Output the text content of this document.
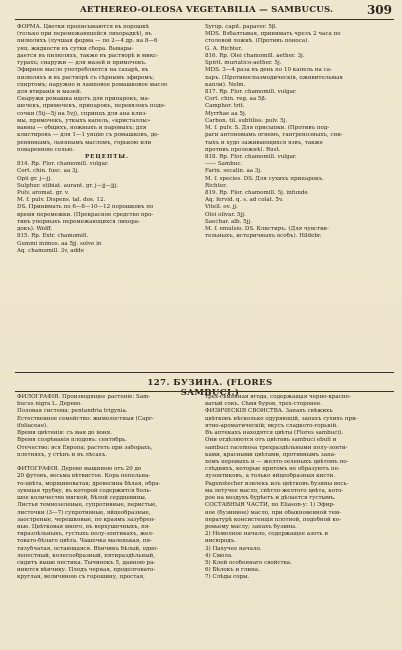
AETHEREO-OLEOSA VEGETABILIA — SAMBUCUS.	309
ФОРМА. Цветки прописываются въ порошкѣ
(только при перемежающейся лихорадкѣ), въ
пилюляхъ (лучшая форма — по 2—4 др. на 8—6
унц. жидкости въ сутки сбора. Вывары-
дается въ пилюляхъ, также въ растворѣ и микс-
турахъ; снаружи — для мазей и примочекъ.
Эфирное масло употребляется на сахарѣ, въ
пилюляхъ и въ растворѣ съ сѣрнымъ эфиромъ;
спиртомъ; наружно и ламповое ромашковое масло
для втиранія и мазей.
Снаружи ромашка идетъ для припарокъ, ма-
шечекъ, примочекъ, припарокъ, перевязокъ подо-
сочки (5ij—5j на 5vj), спринцъ для ана клиз-
мы, примочекъ, уткыхъ капель, «кристаллы»
ванны — общихъ, ножныхъ и паровыхъ; для
клистировъ — для 1—1 унцію съ ромашковъ, де-
ревяннымъ, льнянымъ масломъ, горькою или
поваренною солью.
РЕЦЕПТЫ.
814. Rp. Flor. chamomill. vulgar.
Cort. chin. fusc. aa 3j.
Opii gr. j—jj.
Sulphur. stibiat. aurant. gr. j—jj—jjj.
Pulv. aromat. gr. v.
М. f. pulv. Dispens. tal. dos. 12.
DS. Принимать по 6—8—10—12 порошковъ по
время перемежки. (Прекрасное средство про-
тивъ упорныхъ перемежающихся лихора-
докъ). Wolff.
815. Rp. Extr. chamomill.
Gummi mimos. aa 5jj. solve in
Aq. chamomill. 3v, adde
Syrup. capit. papaver. 5β.
MDS. Взбалтывая, принимать чрезъ 2 часа по
столовой ложкѣ. (Противъ поноса).
G. A. Richter.
816. Rp. Olei chamomill. aether. 3j.
Spirit. muriatico-aether. 5j.
MDS. 3—4 раза въ день по 10 капель на са-
харъ. (Противоспазмодическія, ожнвительныя
капли). Nelm.
817. Rp. Flor. chamomill. vulgar.
Cort. chin. reg. aa 5β.
Camphor. trit.
Myrrhae aa 5j.
Carbon. til. subtiliss. pulv. 5j.
M. f. pulv. S. Для присыпки. (Противъ под-
раги антоновымъ огнемъ, гангренозныхъ, сни-
тыхъ и худо заживающихся язвъ, также
противъ пролежнѣ). Rust.
818. Rp. Flor. chamomill. vulgar.
—— Sambuc.
Farin. secalin. aa 3j.
M. f. species. DS. Для сухихъ припарокъ.
Richter.
819. Rp. Flor. chamomill. 5j. infunde
Aq. fervid. q. s. ad colat. 5v.
Vitell. ov. jj.
Olei olivar. 5jj.
Saechar. alb. 5jj.
M. f. emulsio. DS. Клистиръ. (Для чувстви-
тельныхъ, истеричныхъ особъ). Hildebr.
127. БУЗИНА. (FLORES SAMBUCI.)
ФИЛОГРАФІЯ. Производящее растеніе: Sam-
bucus nigra L. Дерево.
Половая система: pentandria trigynia.
Естественное семейство: жимолостныя (Capr-
ifoliaceae).
Время цвѣтенія: съ мая до іюня.
Время созрѣванія плодовъ: сентябрь.
Отечество: вся Европа; растеть при заборахъ,
плетняхъ, у стѣнъ и въ лѣсахъ.

ФИТОГРАФІЯ. Дерево вышиною отъ 20 до
20 футовъ, весьма вѣтвистое. Кора пепельна-
то-цвѣта, морщиноватая; древесина бѣлая, обра-
зующая трубку, въ которой содержится боль-
шое количество мягкой, бѣлой сердцевины.
Листья темнозеленые, супротивные, перистые,
листочки (3—7) супротивные, яйцеобразные,
заостреные, черешковые, по краямъ зазубрен-
ные. Цвѣтковая много, въ верхушечныхъ, пя-
тиразлѣльныхъ, густыхъ полу-зонтикахъ, жел-
товато-бѣлаго цвѣта. Чашечка маленькая, пя-
тизубчатая, остающаяся. Вѣнчикъ бѣлый, одно-
лепестный, колесообразный, пятираздѣльный,
сидитъ выше пестика. Тычинокъ 5, данною ра-
ннются вѣнчику. Плодъ черная, продолговато-
круглая, величиною съ горошину, простая,
трех-сѣмянная ягода, содержащая черно-красно-
ватый сокъ. Сѣмя буров, трех-сторонее.
ФИЗИЧЕСКІЯ СВОЙСТВА. Запахъ свѣжихъ
цвѣтковъ нѣсколько одуряющій, запахъ сухихъ при-
ятно-ароматическій; вкусъ сладкото-горькій.
Въ аптекахъ находятся цвѣты (Flores sambuci).
Они отдѣляются отъ цвѣтовъ sambuci ebuli и
sambuci racemosa трехраздѣльными полу-зонти-
ками, красными цвѣтами, противнымъ запа-
хомъ перевыхъ и — желто-зеленыхъ цвѣтомъ по-
слѣднихъ, которые притомъ не образуютъ по-
лузонтиковъ, а только яйцеобразныя кисти.
Pagenstecher извлекъ изъ цвѣтковъ бузины вось-
ма летучее масло, свѣтло-желтого цвѣта, кото-
рое на воздухъ бурѣетъ и дѣлается густымъ.
СОСТАВНЫЯ ЧАСТИ, по Eliason-у: 1) Эфир-
ное (бузинное) масло, при обыкновенной тем-
пературѣ консистенція плотной, подобной ко-
ровьему маслу; запахъ бузины.
2) Немолное начало, содержащее азоть и
нисюродъ.
3) Пахучее начало.
4) Смола.
5) Клей особеннаго свойства.
6) Бѣлокъ и глина.
7) Слѣды соры.
